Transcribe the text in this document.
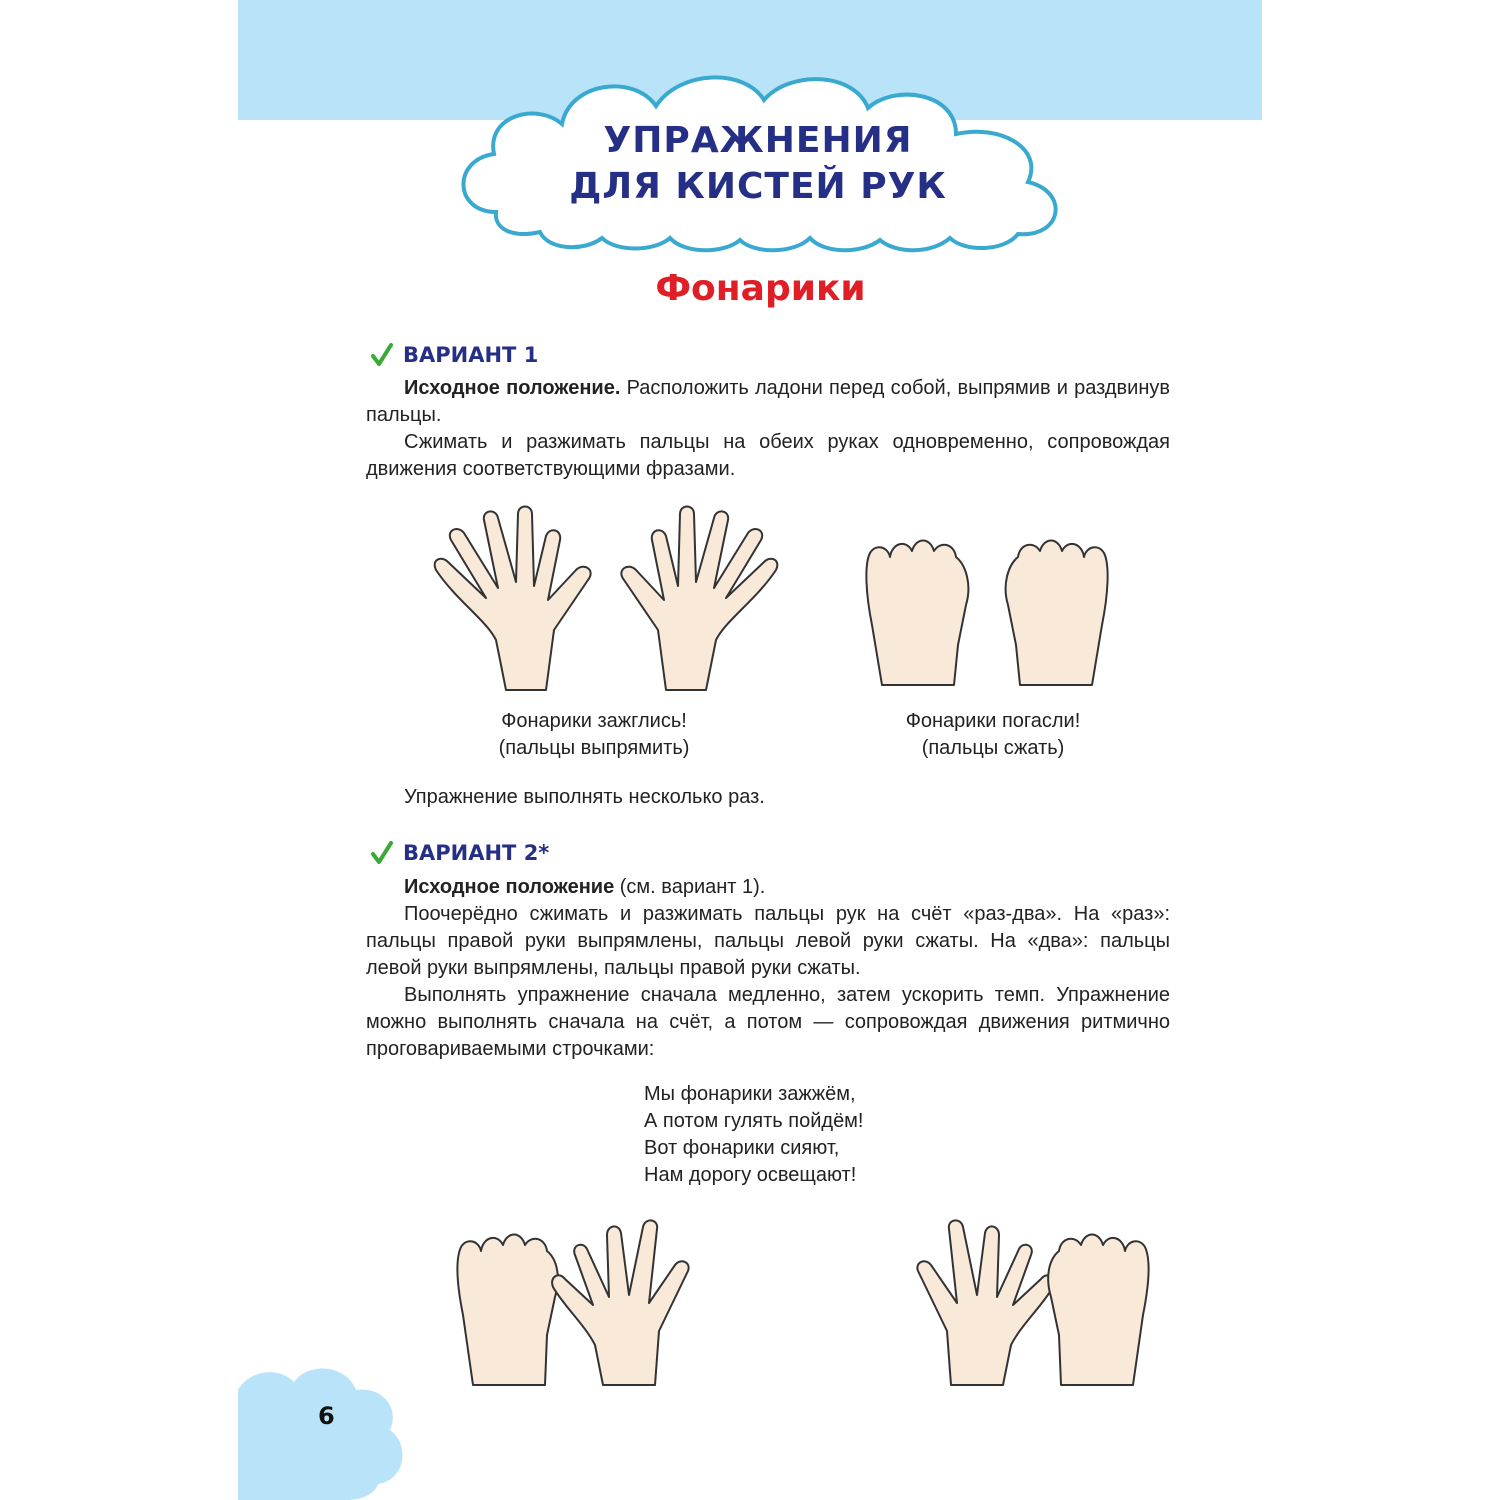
УПРАЖНЕНИЯ
ДЛЯ КИСТЕЙ РУК
Фонарики
ВАРИАНТ 1

Исходное положение. Расположить ладони перед собой, выпрямив и раздвинув пальцы.

Сжимать и разжимать пальцы на обеих руках одновременно, сопровождая движения соответствующими фразами.

Фонарики зажглись!
(пальцы выпрямить)
Фонарики погасли!
(пальцы сжать)

Упражнение выполнять несколько раз.

ВАРИАНТ 2*

Исходное положение (см. вариант 1).

Поочерёдно сжимать и разжимать пальцы рук на счёт «раз-два». На «раз»: пальцы правой руки выпрямлены, пальцы левой руки сжаты. На «два»: пальцы левой руки выпрямлены, пальцы правой руки сжаты.

Выполнять упражнение сначала медленно, затем ускорить темп. Упражнение можно выполнять сначала на счёт, а потом — сопровождая движения ритмично проговариваемыми строчками:

Мы фонарики зажжём,
А потом гулять пойдём!
Вот фонарики сияют,
Нам дорогу освещают!
6
